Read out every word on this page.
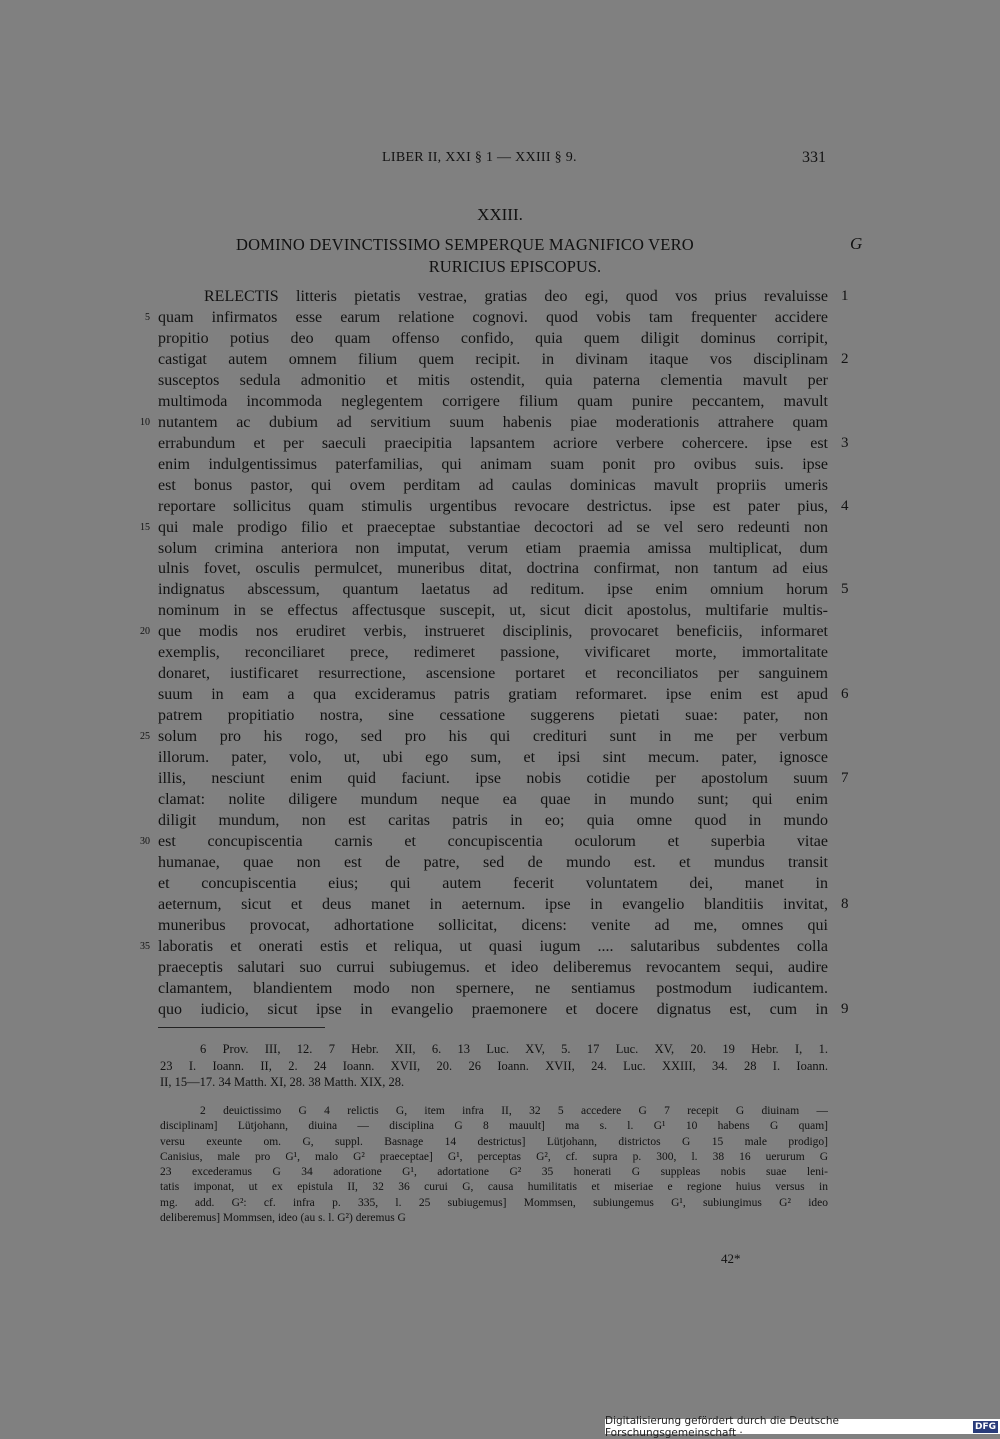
LIBER II, XXI § 1 — XXIII § 9.	331
XXIII.
DOMINO DEVINCTISSIMO SEMPERQUE MAGNIFICO VERO	G
RURICIUS EPISCOPUS.
RELECTIS litteris pietatis vestrae, gratias deo egi, quod vos prius revaluisse
quam infirmatos esse earum relatione cognovi. quod vobis tam frequenter accidere
propitio potius deo quam offenso confido, quia quem diligit dominus corripit,
castigat autem omnem filium quem recipit. in divinam itaque vos disciplinam
susceptos sedula admonitio et mitis ostendit, quia paterna clementia mavult per
multimoda incommoda neglegentem corrigere filium quam punire peccantem, mavult
nutantem ac dubium ad servitium suum habenis piae moderationis attrahere quam
errabundum et per saeculi praecipitia lapsantem acriore verbere cohercere. ipse est
enim indulgentissimus paterfamilias, qui animam suam ponit pro ovibus suis. ipse
est bonus pastor, qui ovem perditam ad caulas dominicas mavult propriis umeris
reportare sollicitus quam stimulis urgentibus revocare destrictus. ipse est pater pius,
qui male prodigo filio et praeceptae substantiae decoctori ad se vel sero redeunti non
solum crimina anteriora non imputat, verum etiam praemia amissa multiplicat, dum
ulnis fovet, osculis permulcet, muneribus ditat, doctrina confirmat, non tantum ad eius
indignatus abscessum, quantum laetatus ad reditum. ipse enim omnium horum
nominum in se effectus affectusque suscepit, ut, sicut dicit apostolus, multifarie multis-
que modis nos erudiret verbis, instrueret disciplinis, provocaret beneficiis, informaret
exemplis, reconciliaret prece, redimeret passione, vivificaret morte, immortalitate
donaret, iustificaret resurrectione, ascensione portaret et reconciliatos per sanguinem
suum in eam a qua excideramus patris gratiam reformaret. ipse enim est apud
patrem propitiatio nostra, sine cessatione suggerens pietati suae: pater, non
solum pro his rogo, sed pro his qui credituri sunt in me per verbum
illorum. pater, volo, ut, ubi ego sum, et ipsi sint mecum. pater, ignosce
illis, nesciunt enim quid faciunt. ipse nobis cotidie per apostolum suum
clamat: nolite diligere mundum neque ea quae in mundo sunt; qui enim
diligit mundum, non est caritas patris in eo; quia omne quod in mundo
est concupiscentia carnis et concupiscentia oculorum et superbia vitae
humanae, quae non est de patre, sed de mundo est. et mundus transit
et concupiscentia eius; qui autem fecerit voluntatem dei, manet in
aeternum, sicut et deus manet in aeternum. ipse in evangelio blanditiis invitat,
muneribus provocat, adhortatione sollicitat, dicens: venite ad me, omnes qui
laboratis et onerati estis et reliqua, ut quasi iugum .... salutaribus subdentes colla
praeceptis salutari suo currui subiugemus. et ideo deliberemus revocantem sequi, audire
clamantem, blandientem modo non spernere, ne sentiamus postmodum iudicantem.
quo iudicio, sicut ipse in evangelio praemonere et docere dignatus est, cum in
5
10
15
20
25
30
35
1
2
3
4
5
6
7
8
9
6 Prov. III, 12. 7 Hebr. XII, 6. 13 Luc. XV, 5. 17 Luc. XV, 20. 19 Hebr. I, 1.
23 I. Ioann. II, 2. 24 Ioann. XVII, 20. 26 Ioann. XVII, 24. Luc. XXIII, 34. 28 I. Ioann.
II, 15—17. 34 Matth. XI, 28. 38 Matth. XIX, 28.
2 deuictissimo G 4 relictis G, item infra II, 32 5 accedere G 7 recepit G diuinam —
disciplinam] Lütjohann, diuina — disciplina G 8 mauult] ma s. l. G¹ 10 habens G quam]
versu exeunte om. G, suppl. Basnage 14 destrictus] Lütjohann, districtos G 15 male prodigo]
Canisius, male pro G¹, malo G² praeceptae] G¹, perceptas G², cf. supra p. 300, l. 38 16 uerurum G
23 excederamus G 34 adoratione G¹, adortatione G² 35 honerati G suppleas nobis suae leni-
tatis imponat, ut ex epistula II, 32 36 curui G, causa humilitatis et miseriae e regione huius versus in
mg. add. G²: cf. infra p. 335, l. 25 subiugemus] Mommsen, subiungemus G¹, subiungimus G² ideo
deliberemus] Mommsen, ideo (au s. l. G²) deremus G
42*
Digitalisierung gefördert durch die Deutsche Forschungsgemeinschaft ·	DFG
